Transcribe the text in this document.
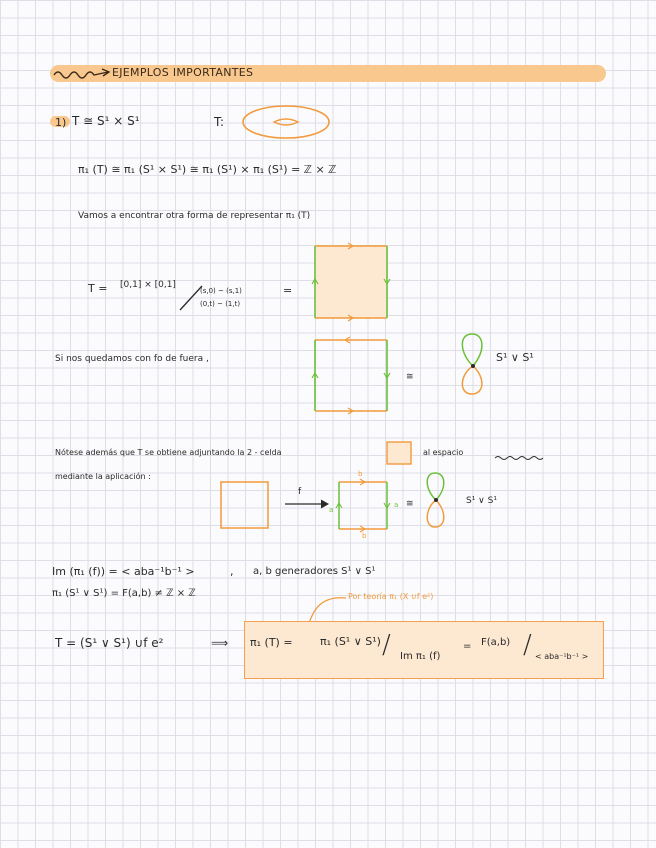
EJEMPLOS IMPORTANTES
1) T ≅ S¹ × S¹	T:
π₁ (T) ≅ π₁ (S¹ × S¹) ≅ π₁ (S¹) × π₁ (S¹) = ℤ × ℤ
Vamos a encontrar otra forma de representar π₁ (T)
T = [0,1] × [0,1]
(s,0) ~ (s,1)
(0,t) ~ (1,t)
=
Si nos quedamos con fo de fuera ,
≅
S¹ ∨ S¹
Nótese además que T se obtiene adjuntando la 2 - celda	al espacio
mediante la aplicación :
f
b
b
a
a ≅	S¹ ∨ S¹
Im (π₁ (f)) = < aba⁻¹b⁻¹ >	, a, b generadores S¹ ∨ S¹
π₁ (S¹ ∨ S¹) = F(a,b) ≠ ℤ × ℤ	Por teoría π₁ (X ∪f e²)
T = (S¹ ∨ S¹) ∪f e²	⟹ π₁ (T) = π₁ (S¹ ∨ S¹) / Im π₁ (f)
= F(a,b) / < aba⁻¹b⁻¹ >
